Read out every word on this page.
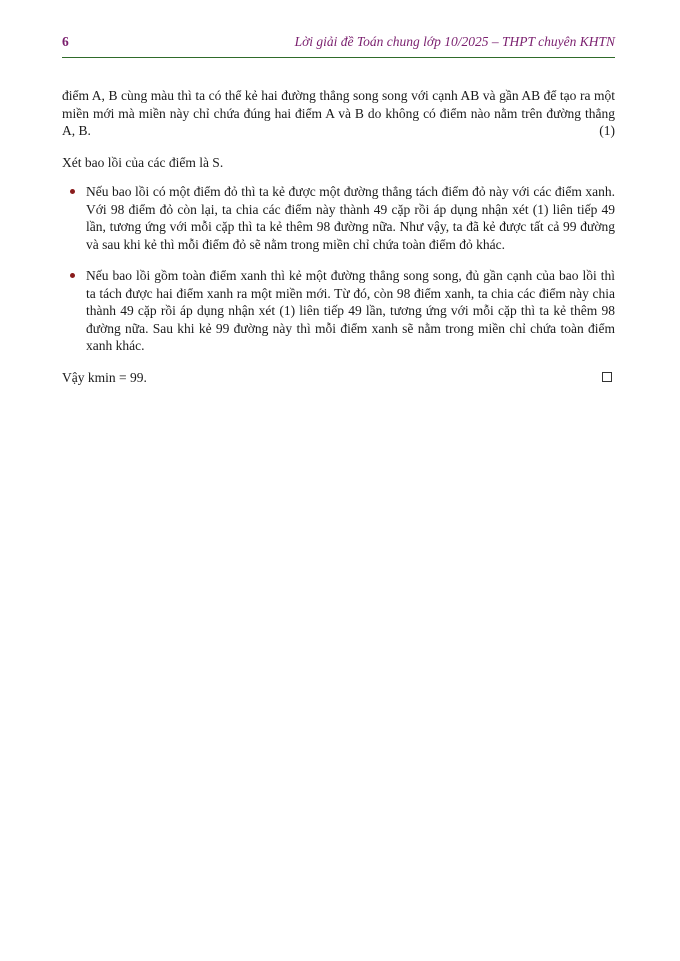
6	Lời giải đề Toán chung lớp 10/2025 – THPT chuyên KHTN

điểm A, B cùng màu thì ta có thể kẻ hai đường thẳng song song với cạnh AB và gần AB để tạo ra một miền mới mà miền này chỉ chứa đúng hai điểm A và B do không có điểm nào nằm trên đường thẳng A, B.	(1)

Xét bao lồi của các điểm là S.

Nếu bao lồi có một điểm đỏ thì ta kẻ được một đường thẳng tách điểm đỏ này với các điểm xanh. Với 98 điểm đỏ còn lại, ta chia các điểm này thành 49 cặp rồi áp dụng nhận xét (1) liên tiếp 49 lần, tương ứng với mỗi cặp thì ta kẻ thêm 98 đường nữa. Như vậy, ta đã kẻ được tất cả 99 đường và sau khi kẻ thì mỗi điểm đỏ sẽ nằm trong miền chỉ chứa toàn điểm đỏ khác.
Nếu bao lồi gồm toàn điểm xanh thì kẻ một đường thẳng song song, đủ gần cạnh của bao lồi thì ta tách được hai điểm xanh ra một miền mới. Từ đó, còn 98 điểm xanh, ta chia các điểm này chia thành 49 cặp rồi áp dụng nhận xét (1) liên tiếp 49 lần, tương ứng với mỗi cặp thì ta kẻ thêm 98 đường nữa. Sau khi kẻ 99 đường này thì mỗi điểm xanh sẽ nằm trong miền chỉ chứa toàn điểm xanh khác.

Vậy kmin = 99.
